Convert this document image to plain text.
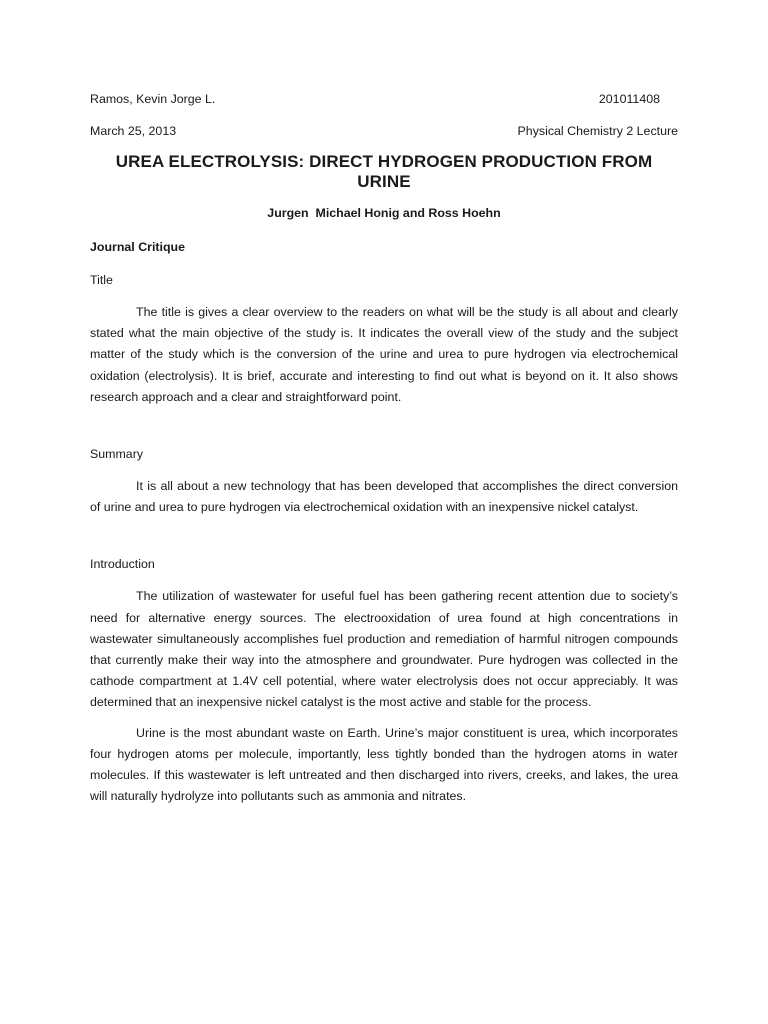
Ramos, Kevin Jorge L.	201011408
March 25, 2013	Physical Chemistry 2 Lecture
UREA ELECTROLYSIS: DIRECT HYDROGEN PRODUCTION FROM URINE
Jurgen  Michael Honig and Ross Hoehn
Journal Critique
Title

The title is gives a clear overview to the readers on what will be the study is all about and clearly stated what the main objective of the study is. It indicates the overall view of the study and the subject matter of the study which is the conversion of the urine and urea to pure hydrogen via electrochemical oxidation (electrolysis). It is brief, accurate and interesting to find out what is beyond on it. It also shows research approach and a clear and straightforward point.

Summary

It is all about a new technology that has been developed that accomplishes the direct conversion of urine and urea to pure hydrogen via electrochemical oxidation with an inexpensive nickel catalyst.

Introduction

The utilization of wastewater for useful fuel has been gathering recent attention due to society’s need for alternative energy sources. The electrooxidation of urea found at high concentrations in wastewater simultaneously accomplishes fuel production and remediation of harmful nitrogen compounds that currently make their way into the atmosphere and groundwater. Pure hydrogen was collected in the cathode compartment at 1.4V cell potential, where water electrolysis does not occur appreciably. It was determined that an inexpensive nickel catalyst is the most active and stable for the process.

Urine is the most abundant waste on Earth. Urine’s major constituent is urea, which incorporates four hydrogen atoms per molecule, importantly, less tightly bonded than the hydrogen atoms in water molecules. If this wastewater is left untreated and then discharged into rivers, creeks, and lakes, the urea will naturally hydrolyze into pollutants such as ammonia and nitrates.
